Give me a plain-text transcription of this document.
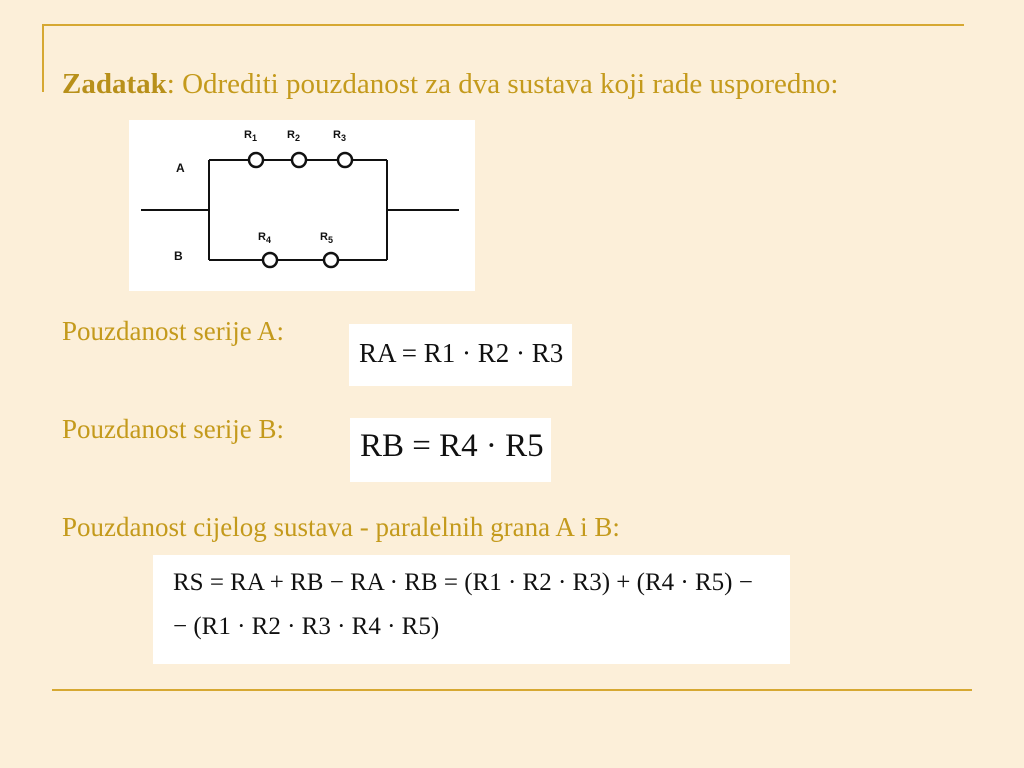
Zadatak: Odrediti pouzdanost za dva sustava koji rade usporedno:
A
B
$R_1$	$R_2$	$R_3$
$R_4$	$R_5$
Pouzdanost serije A:
RA = R1 · R2 · R3
Pouzdanost serije B: RB = R4 · R5
Pouzdanost cijelog sustava - paralelnih grana A i B:
RS = RA + RB − RA · RB = (R1 · R2 · R3) + (R4 · R5) −
− (R1 · R2 · R3 · R4 · R5)
